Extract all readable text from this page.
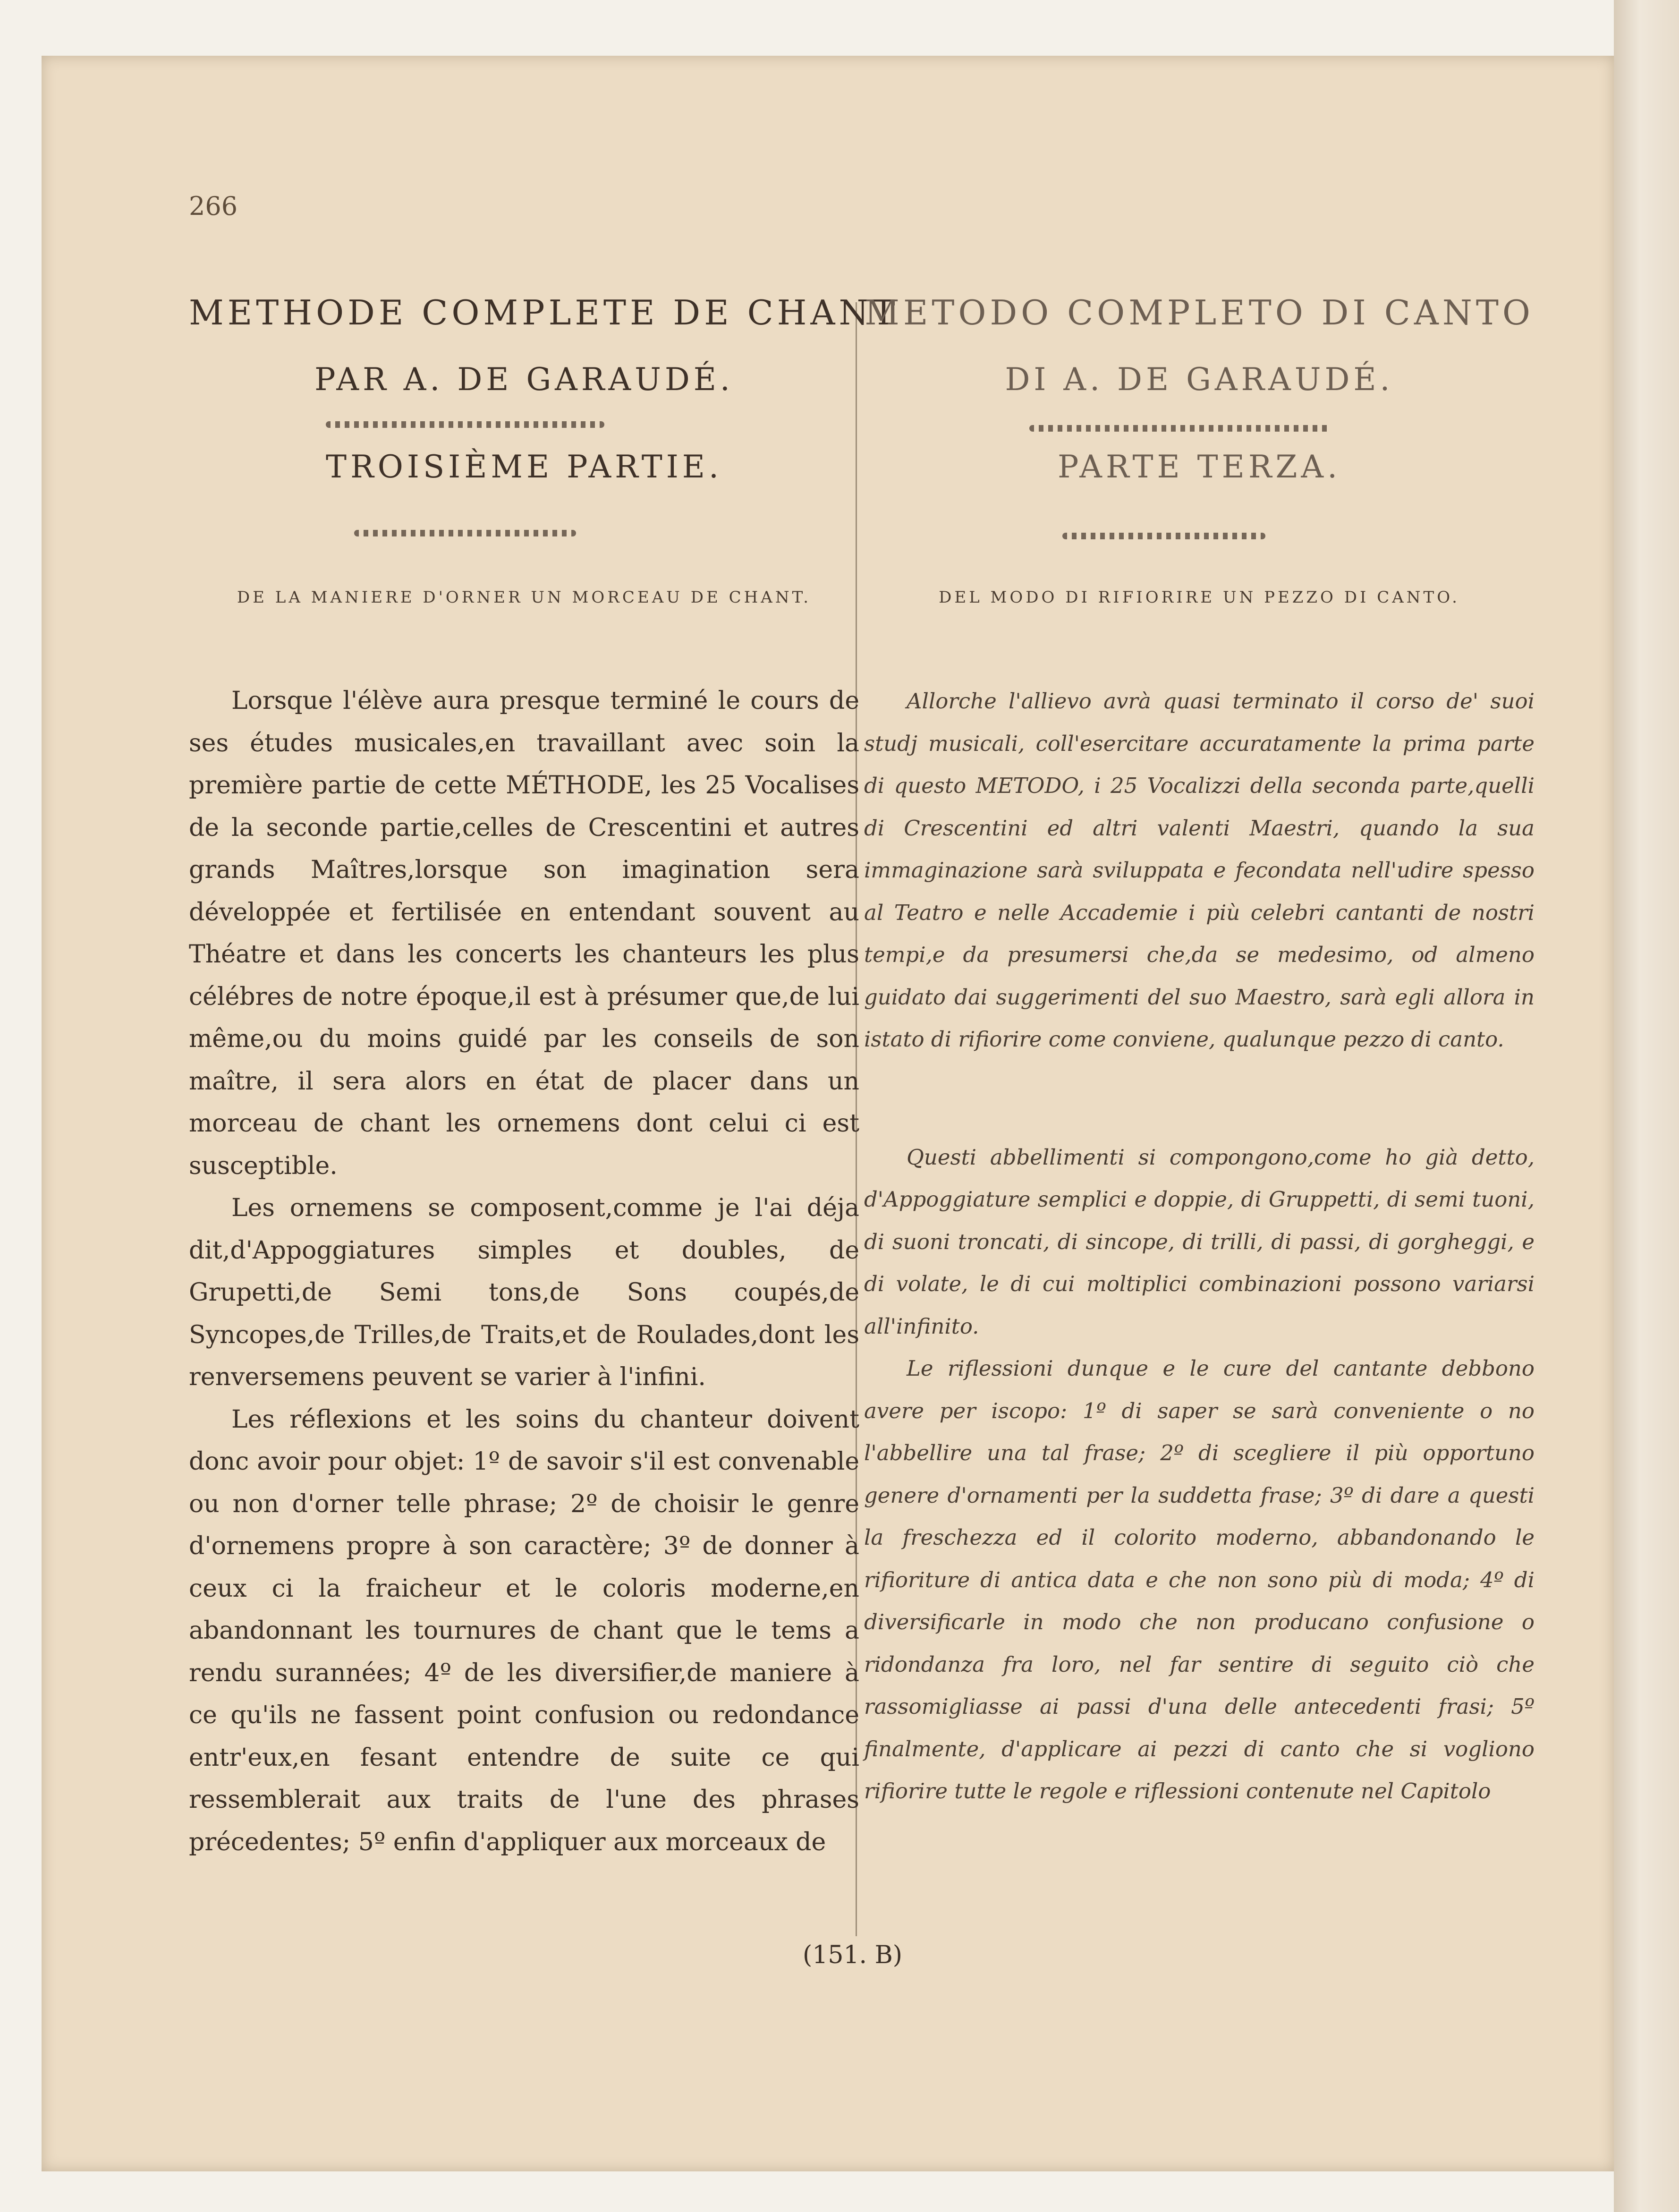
266
METHODE COMPLETE DE CHANT
PAR A. DE GARAUDÉ.
TROISIÈME PARTIE.
DE LA MANIERE D'ORNER UN MORCEAU DE CHANT.

Lorsque l'élève aura presque terminé le cours de ses études musicales,en travaillant avec soin la première partie de cette MÉTHODE, les 25 Vocalises de la seconde partie,celles de Crescentini et autres grands Maîtres,lorsque son imagination sera développée et fertilisée en entendant souvent au Théatre et dans les concerts les chanteurs les plus célébres de notre époque,il est à présumer que,de lui même,ou du moins guidé par les conseils de son maître, il sera alors en état de placer dans un morceau de chant les ornemens dont celui ci est susceptible.

Les ornemens se composent,comme je l'ai déja dit,d'Appoggiatures simples et doubles, de Grupetti,de Semi tons,de Sons coupés,de Syncopes,de Trilles,de Traits,et de Roulades,dont les renversemens peuvent se varier à l'infini.

Les réflexions et les soins du chanteur doivent donc avoir pour objet: 1º de savoir s'il est convenable ou non d'orner telle phrase; 2º de choisir le genre d'ornemens propre à son caractère; 3º de donner à ceux ci la fraicheur et le coloris moderne,en abandonnant les tournures de chant que le tems a rendu surannées; 4º de les diversifier,de maniere à ce qu'ils ne fassent point confusion ou redondance entr'eux,en fesant entendre de suite ce qui ressemblerait aux traits de l'une des phrases précedentes; 5º enfin d'appliquer aux morceaux de

METODO COMPLETO DI CANTO
DI A. DE GARAUDÉ.
PARTE TERZA.
DEL MODO DI RIFIORIRE UN PEZZO DI CANTO.

Allorche l'allievo avrà quasi terminato il corso de' suoi studj musicali, coll'esercitare accuratamente la prima parte di questo METODO, i 25 Vocalizzi della seconda parte,quelli di Crescentini ed altri valenti Maestri, quando la sua immaginazione sarà sviluppata e fecondata nell'udire spesso al Teatro e nelle Accademie i più celebri cantanti de nostri tempi,e da presumersi che,da se medesimo, od almeno guidato dai suggerimenti del suo Maestro, sarà egli allora in istato di rifiorire come conviene, qualunque pezzo di canto.

Questi abbellimenti si compongono,come ho già detto, d'Appoggiature semplici e doppie, di Gruppetti, di semi tuoni, di suoni troncati, di sincope, di trilli, di passi, di gorgheggi, e di volate, le di cui moltiplici combinazioni possono variarsi all'infinito.

Le riflessioni dunque e le cure del cantante debbono avere per iscopo: 1º di saper se sarà conveniente o no l'abbellire una tal frase; 2º di scegliere il più opportuno genere d'ornamenti per la suddetta frase; 3º di dare a questi la freschezza ed il colorito moderno, abbandonando le rifioriture di antica data e che non sono più di moda; 4º di diversificarle in modo che non producano confusione o ridondanza fra loro, nel far sentire di seguito ciò che rassomigliasse ai passi d'una delle antecedenti frasi; 5º finalmente, d'applicare ai pezzi di canto che si vogliono rifiorire tutte le regole e riflessioni contenute nel Capitolo

(151. B)
